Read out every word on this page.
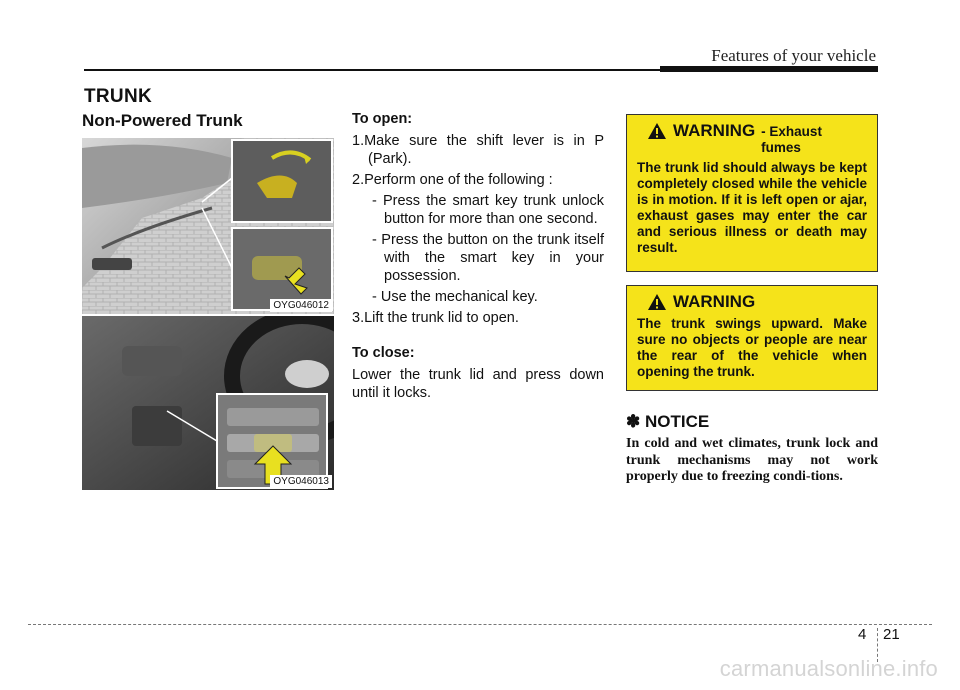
Features of your vehicle
TRUNK
Non-Powered Trunk
OYG046012
OYG046013
To open:
1.Make sure the shift lever is in P (Park).
2.Perform one of the following :
- Press the smart key trunk unlock button for more than one second.
- Press the button on the trunk itself with the smart key in your possession.
- Use the mechanical key.
3.Lift the trunk lid to open.
To close:
Lower the trunk lid and press down until it locks.
WARNING - Exhaust fumes
The trunk lid should always be kept completely closed while the vehicle is in motion. If it is left open or ajar, exhaust gases may enter the car and serious illness or death may result.
WARNING
The trunk swings upward. Make sure no objects or people are near the rear of the vehicle when opening the trunk.
✽ NOTICE
In cold and wet climates, trunk lock and trunk mechanisms may not work properly due to freezing condi-tions.
4 21
carmanualsonline.info
